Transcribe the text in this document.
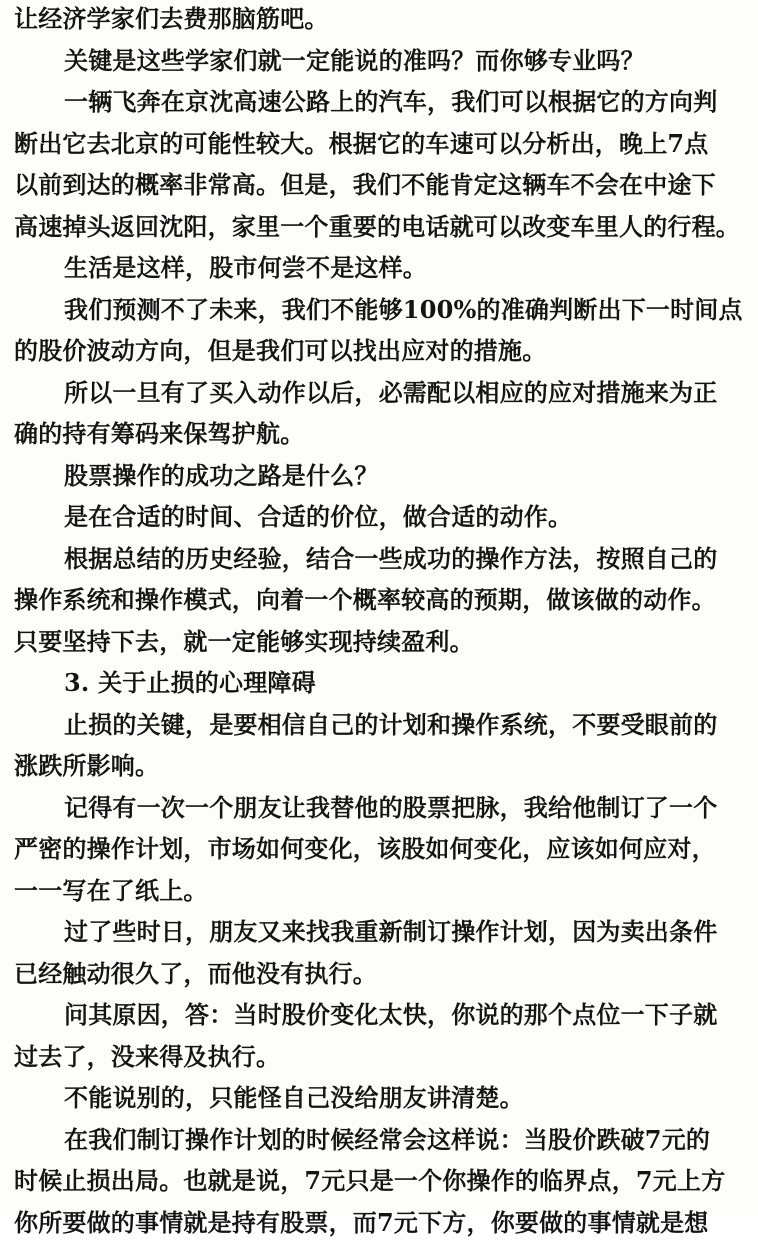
让经济学家们去费那脑筋吧。
关键是这些学家们就一定能说的准吗？而你够专业吗？
一辆飞奔在京沈高速公路上的汽车，我们可以根据它的方向判
断出它去北京的可能性较大。根据它的车速可以分析出，晚上7点
以前到达的概率非常高。但是，我们不能肯定这辆车不会在中途下
高速掉头返回沈阳，家里一个重要的电话就可以改变车里人的行程。
生活是这样，股市何尝不是这样。
我们预测不了未来，我们不能够100%的准确判断出下一时间点
的股价波动方向，但是我们可以找出应对的措施。
所以一旦有了买入动作以后，必需配以相应的应对措施来为正
确的持有筹码来保驾护航。
股票操作的成功之路是什么？
是在合适的时间、合适的价位，做合适的动作。
根据总结的历史经验，结合一些成功的操作方法，按照自己的
操作系统和操作模式，向着一个概率较高的预期，做该做的动作。
只要坚持下去，就一定能够实现持续盈利。
3. 关于止损的心理障碍
止损的关键，是要相信自己的计划和操作系统，不要受眼前的
涨跌所影响。
记得有一次一个朋友让我替他的股票把脉，我给他制订了一个
严密的操作计划，市场如何变化，该股如何变化，应该如何应对，
一一写在了纸上。
过了些时日，朋友又来找我重新制订操作计划，因为卖出条件
已经触动很久了，而他没有执行。
问其原因，答：当时股价变化太快，你说的那个点位一下子就
过去了，没来得及执行。
不能说别的，只能怪自己没给朋友讲清楚。
在我们制订操作计划的时候经常会这样说：当股价跌破7元的
时候止损出局。也就是说，7元只是一个你操作的临界点，7元上方
你所要做的事情就是持有股票，而7元下方，你要做的事情就是想
